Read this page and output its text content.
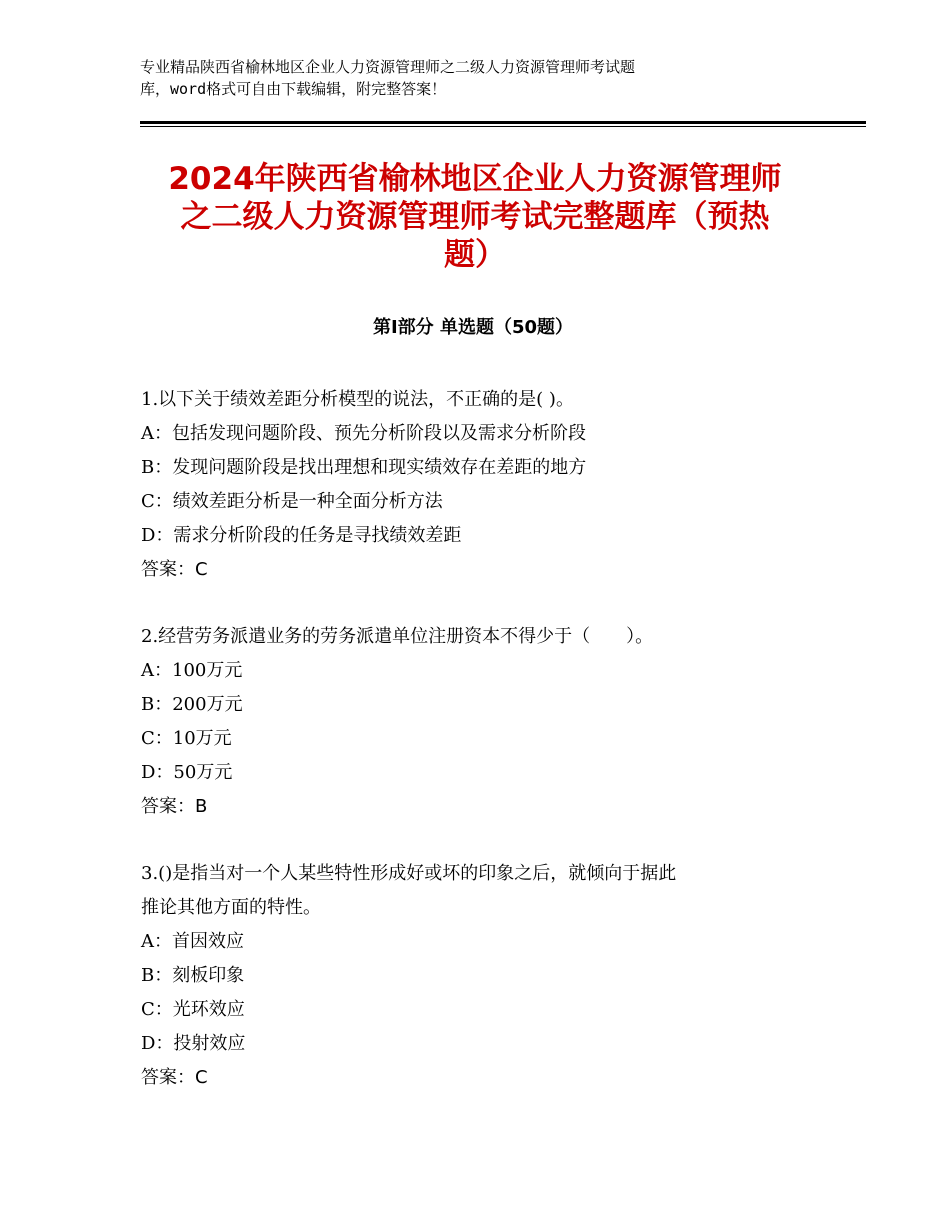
专业精品陕西省榆林地区企业人力资源管理师之二级人力资源管理师考试题
库，word格式可自由下载编辑，附完整答案！
2024年陕西省榆林地区企业人力资源管理师
之二级人力资源管理师考试完整题库（预热
题）
第Ⅰ部分 单选题（50题）
1.以下关于绩效差距分析模型的说法，不正确的是( )。
A：包括发现问题阶段、预先分析阶段以及需求分析阶段
B：发现问题阶段是找出理想和现实绩效存在差距的地方
C：绩效差距分析是一种全面分析方法
D：需求分析阶段的任务是寻找绩效差距
答案：C
2.经营劳务派遣业务的劳务派遣单位注册资本不得少于（　　）。
A：100万元
B：200万元
C：10万元
D：50万元
答案：B
3.()是指当对一个人某些特性形成好或坏的印象之后，就倾向于据此
推论其他方面的特性。
A：首因效应
B：刻板印象
C：光环效应
D：投射效应
答案：C
